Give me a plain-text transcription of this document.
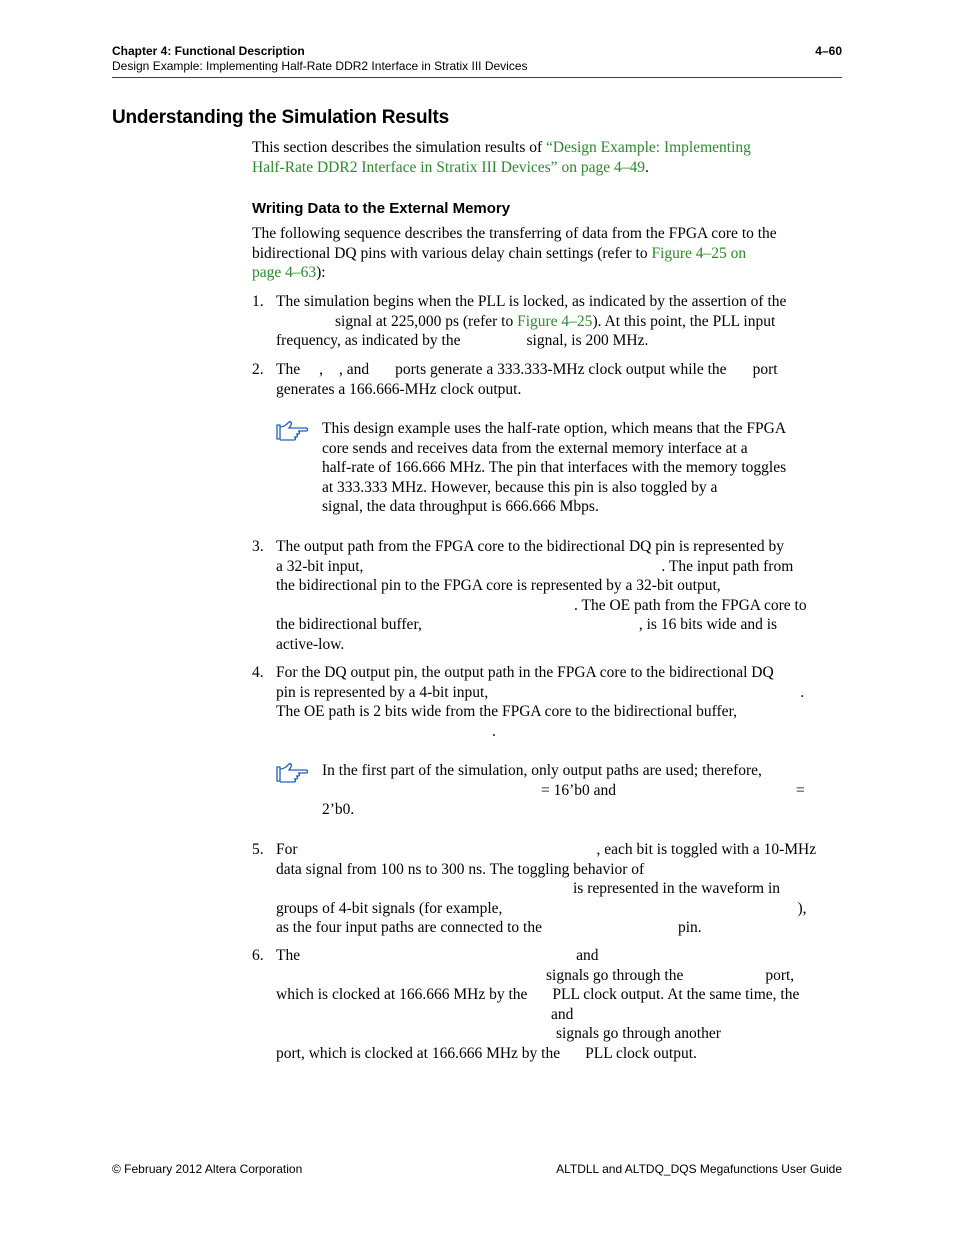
Chapter 4: Functional Description	4–60
Design Example: Implementing Half-Rate DDR2 Interface in Stratix III Devices
Understanding the Simulation Results
This section describes the simulation results of “Design Example: Implementing
Half-Rate DDR2 Interface in Stratix III Devices” on page 4–49.
Writing Data to the External Memory
The following sequence describes the transferring of data from the FPGA core to the
bidirectional DQ pins with various delay chain settings (refer to Figure 4–25 on
page 4–63):
1. The simulation begins when the PLL is locked, as indicated by the assertion of the
signal at 225,000 ps (refer to Figure 4–25). At this point, the PLL input
frequency, as indicated by the	signal, is 200 MHz.
2. The , , and ports generate a 333.333-MHz clock output while the port
generates a 166.666-MHz clock output.
This design example uses the half-rate option, which means that the FPGA
core sends and receives data from the external memory interface at a
half-rate of 166.666 MHz. The pin that interfaces with the memory toggles
at 333.333 MHz. However, because this pin is also toggled by a
signal, the data throughput is 666.666 Mbps.
3. The output path from the FPGA core to the bidirectional DQ pin is represented by
a 32-bit input,	. The input path from
the bidirectional pin to the FPGA core is represented by a 32-bit output,
. The OE path from the FPGA core to
the bidirectional buffer,	, is 16 bits wide and is
active-low.
4. For the DQ output pin, the output path in the FPGA core to the bidirectional DQ
pin is represented by a 4-bit input,	.
The OE path is 2 bits wide from the FPGA core to the bidirectional buffer,
.
In the first part of the simulation, only output paths are used; therefore,
= 16’b0 and	=
2’b0.
5. For	, each bit is toggled with a 10-MHz
data signal from 100 ns to 300 ns. The toggling behavior of
is represented in the waveform in
groups of 4-bit signals (for example,	),
as the four input paths are connected to the	pin.
6. The	and
signals go through the	port,
which is clocked at 166.666 MHz by the PLL clock output. At the same time, the
and
signals go through another
port, which is clocked at 166.666 MHz by the PLL clock output.
© February 2012 Altera Corporation	ALTDLL and ALTDQ_DQS Megafunctions User Guide
